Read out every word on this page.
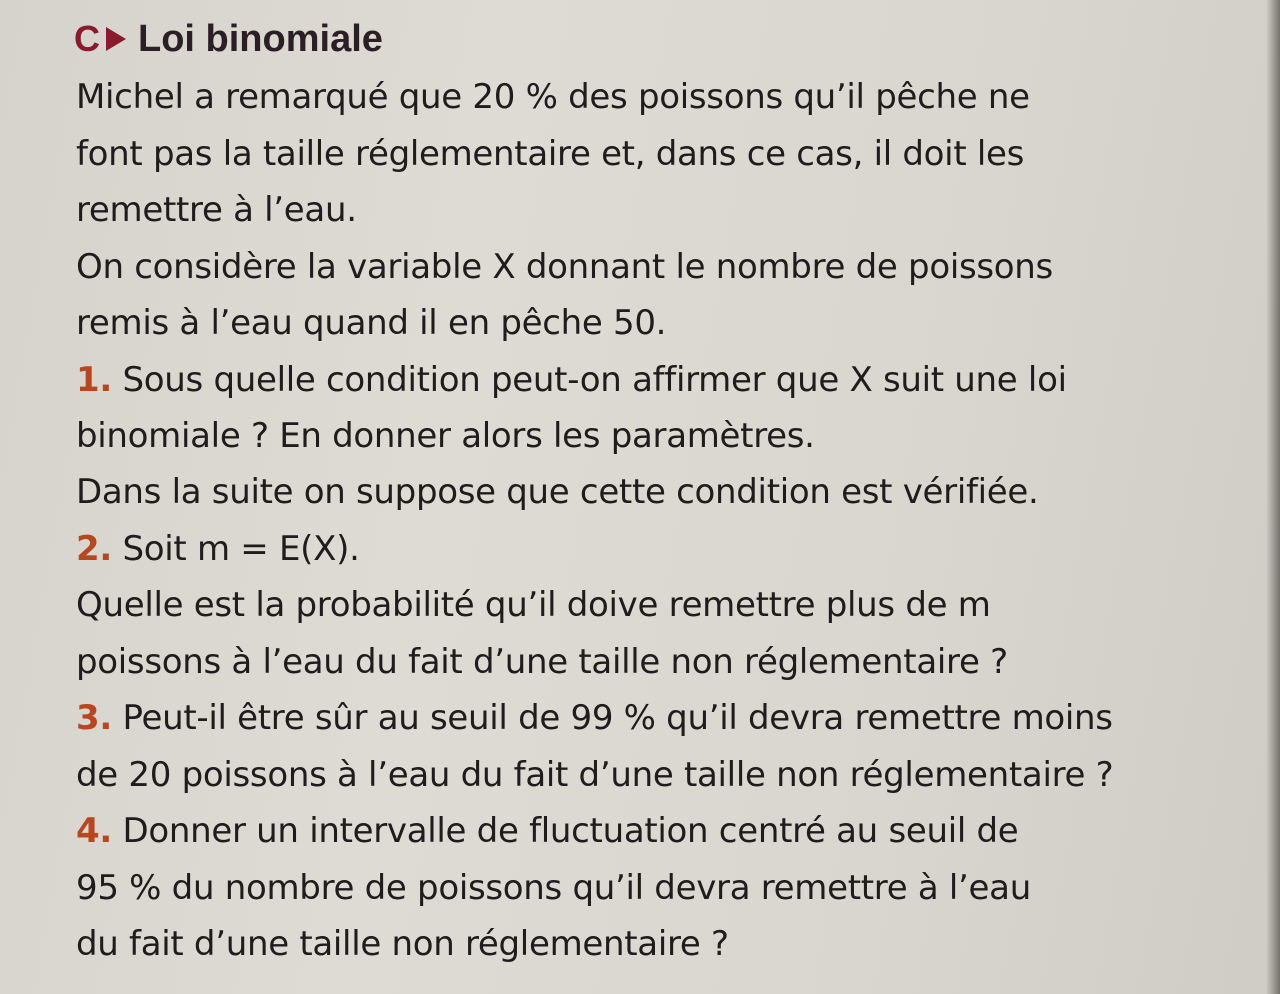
C Loi binomiale
Michel a remarqué que 20 % des poissons qu’il pêche ne
font pas la taille réglementaire et, dans ce cas, il doit les
remettre à l’eau.
On considère la variable X donnant le nombre de poissons
remis à l’eau quand il en pêche 50.
1. Sous quelle condition peut-on affirmer que X suit une loi
binomiale ? En donner alors les paramètres.
Dans la suite on suppose que cette condition est vérifiée.
2. Soit m = E(X).
Quelle est la probabilité qu’il doive remettre plus de m
poissons à l’eau du fait d’une taille non réglementaire ?
3. Peut-il être sûr au seuil de 99 % qu’il devra remettre moins
de 20 poissons à l’eau du fait d’une taille non réglementaire ?
4. Donner un intervalle de fluctuation centré au seuil de
95 % du nombre de poissons qu’il devra remettre à l’eau
du fait d’une taille non réglementaire ?
